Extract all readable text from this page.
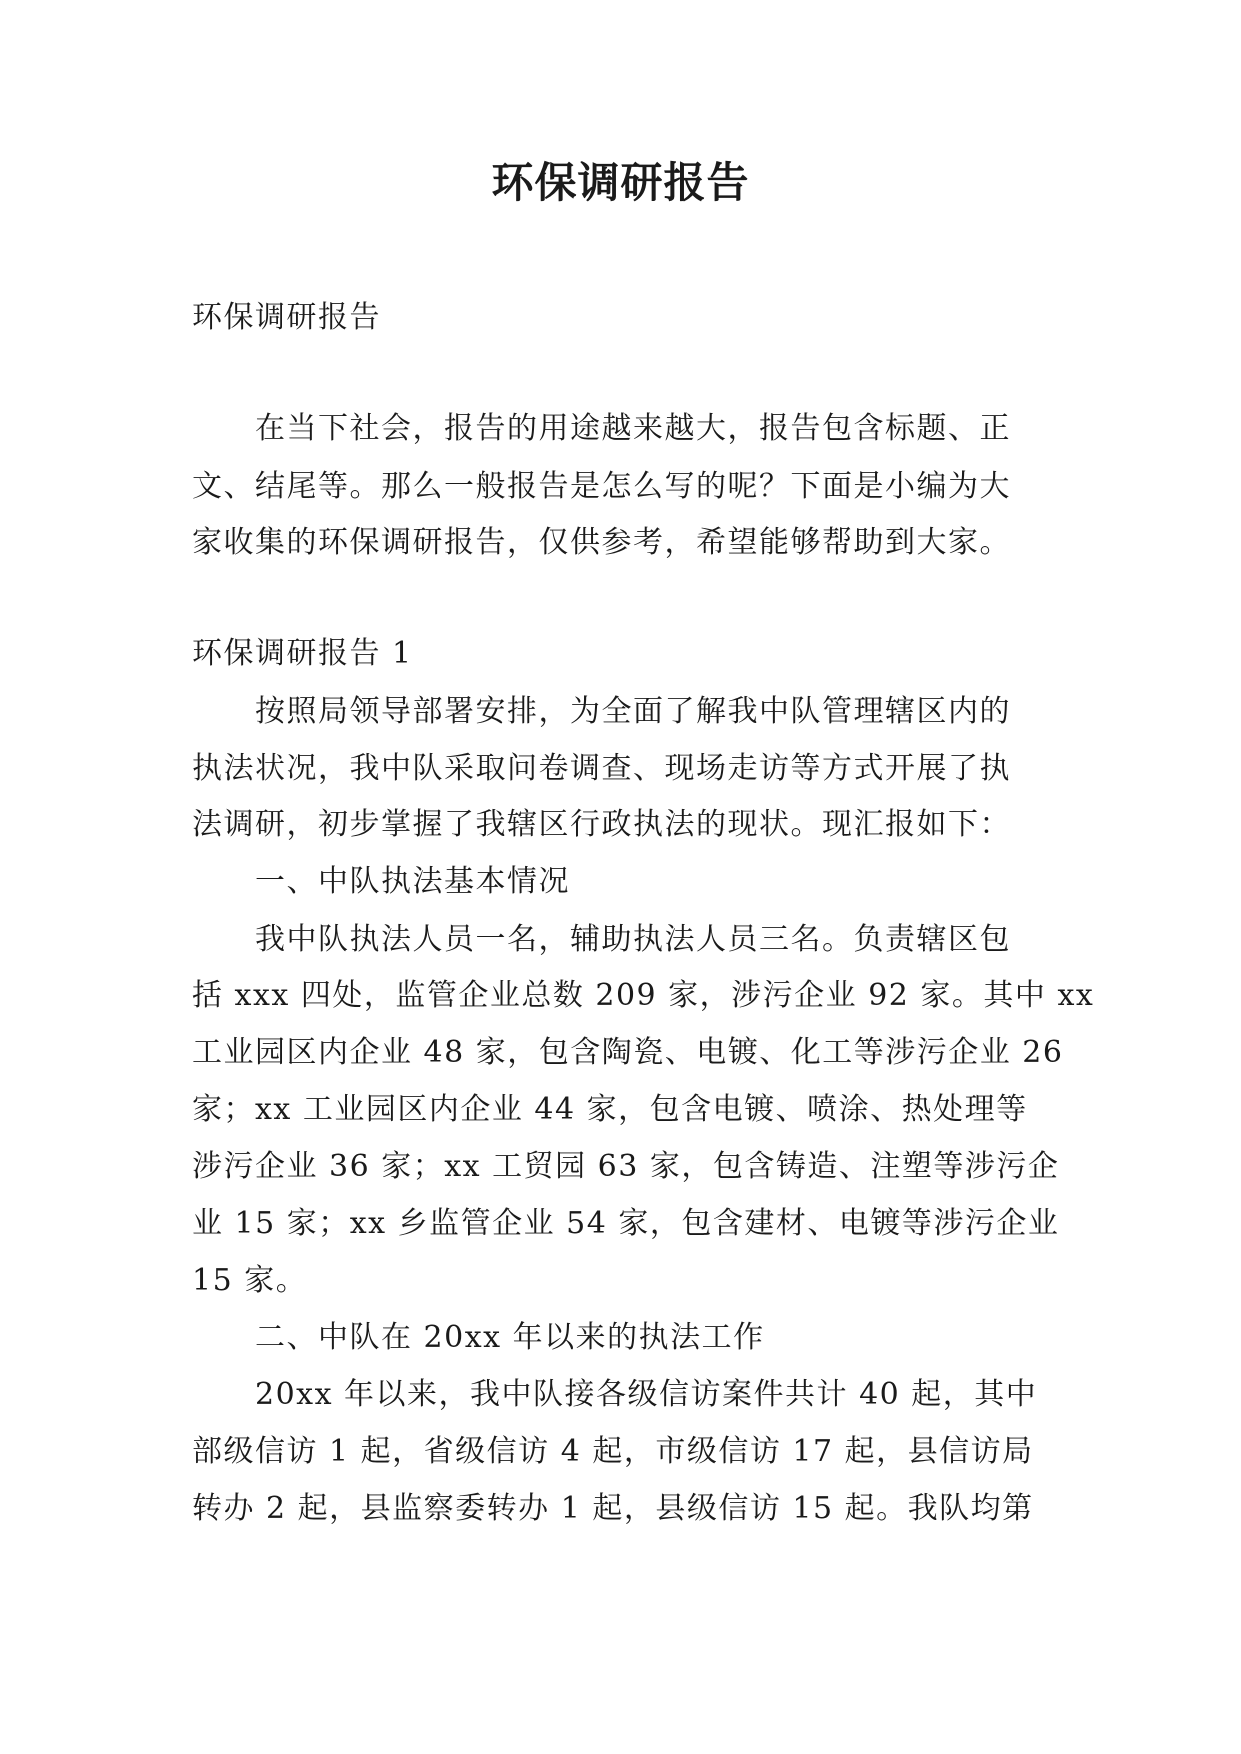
环保调研报告
环保调研报告
在当下社会，报告的用途越来越大，报告包含标题、正
文、结尾等。那么一般报告是怎么写的呢？下面是小编为大
家收集的环保调研报告，仅供参考，希望能够帮助到大家。
环保调研报告 1
按照局领导部署安排，为全面了解我中队管理辖区内的
执法状况，我中队采取问卷调查、现场走访等方式开展了执
法调研，初步掌握了我辖区行政执法的现状。现汇报如下：
一、中队执法基本情况
我中队执法人员一名，辅助执法人员三名。负责辖区包
括 xxx 四处，监管企业总数 209 家，涉污企业 92 家。其中 xx
工业园区内企业 48 家，包含陶瓷、电镀、化工等涉污企业 26
家；xx 工业园区内企业 44 家，包含电镀、喷涂、热处理等
涉污企业 36 家；xx 工贸园 63 家，包含铸造、注塑等涉污企
业 15 家；xx 乡监管企业 54 家，包含建材、电镀等涉污企业
15 家。
二、中队在 20xx 年以来的执法工作
20xx 年以来，我中队接各级信访案件共计 40 起，其中
部级信访 1 起，省级信访 4 起，市级信访 17 起，县信访局
转办 2 起，县监察委转办 1 起，县级信访 15 起。我队均第
